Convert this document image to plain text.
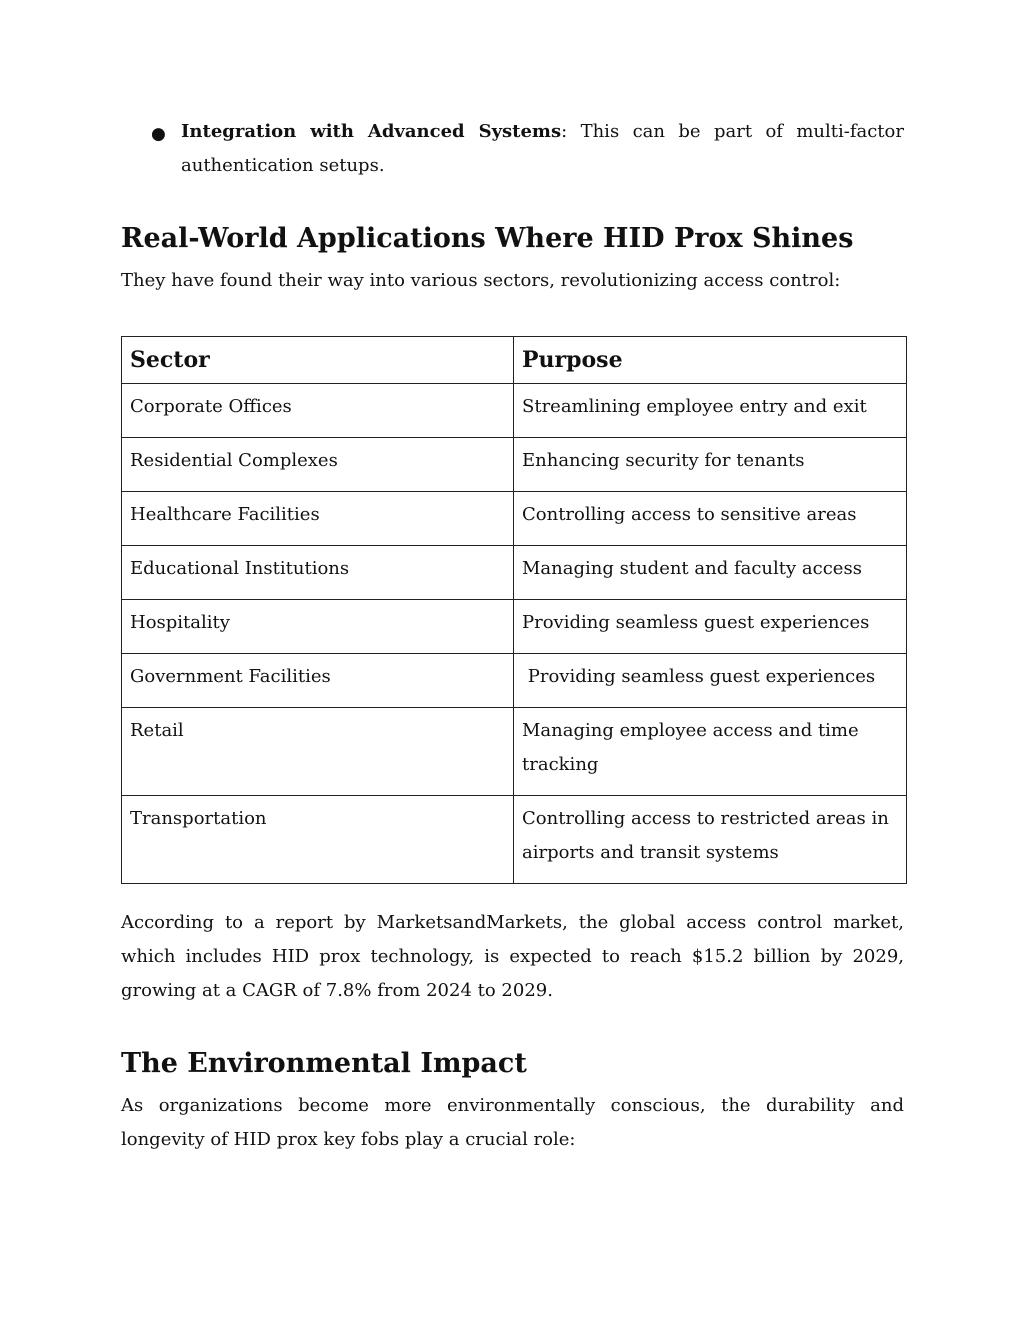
● Integration with Advanced Systems: This can be part of multi-factor authentication setups.
Real-World Applications Where HID Prox Shines

They have found their way into various sectors, revolutionizing access control:

Sector	Purpose
Corporate Offices	Streamlining employee entry and exit
Residential Complexes	Enhancing security for tenants
Healthcare Facilities	Controlling access to sensitive areas
Educational Institutions	Managing student and faculty access
Hospitality	Providing seamless guest experiences
Government Facilities	Providing seamless guest experiences
Retail	Managing employee access and time tracking
Transportation	Controlling access to restricted areas in airports and transit systems

According to a report by MarketsandMarkets, the global access control market, which includes HID prox technology, is expected to reach $15.2 billion by 2029, growing at a CAGR of 7.8% from 2024 to 2029.

The Environmental Impact

As organizations become more environmentally conscious, the durability and longevity of HID prox key fobs play a crucial role:
